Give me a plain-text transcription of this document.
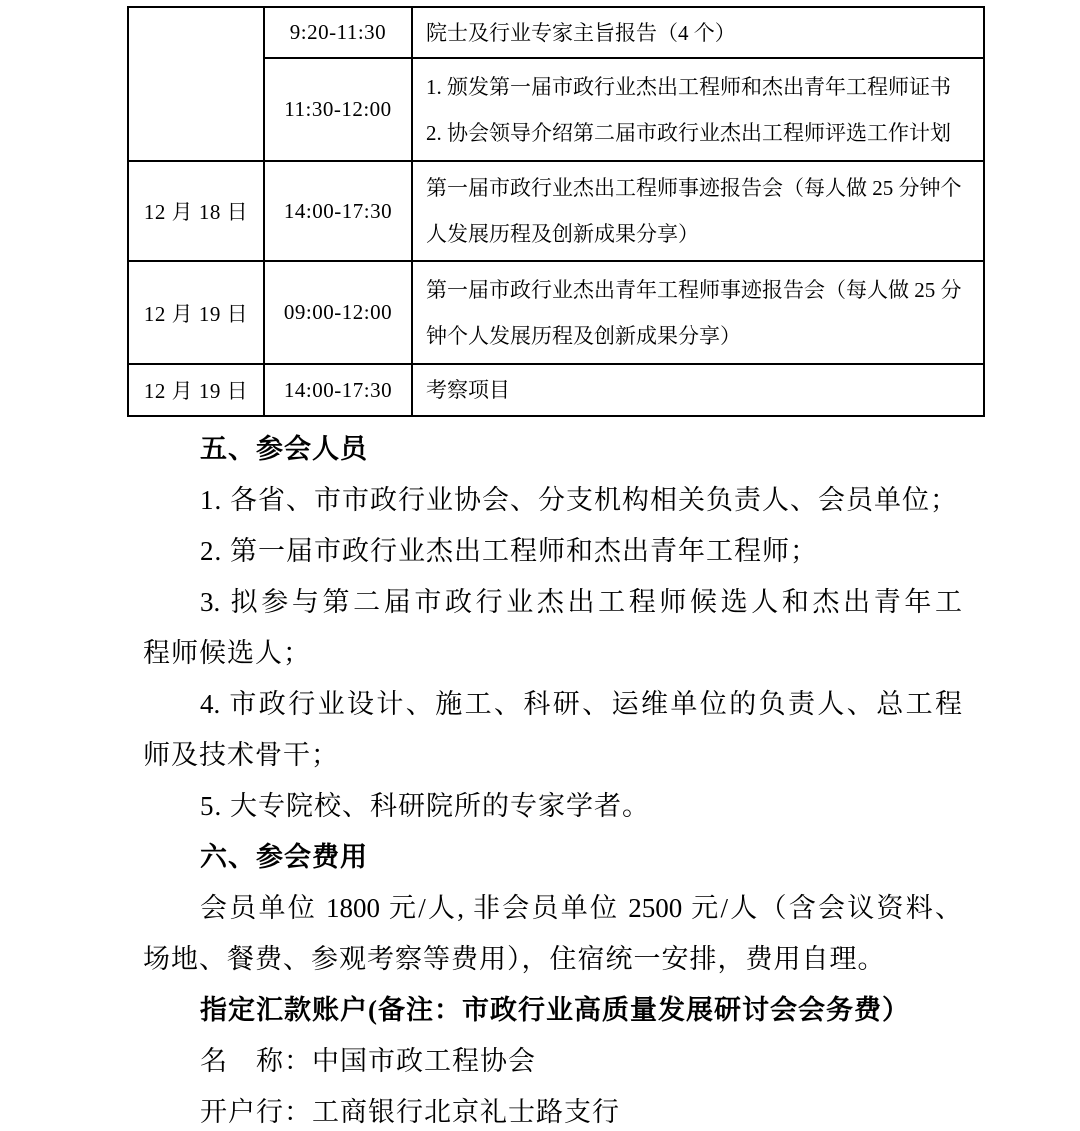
	9:20-11:30	院士及行业专家主旨报告（4 个）

	11:30-12:00	1. 颁发第一届市政行业杰出工程师和杰出青年工程师证书
2. 协会领导介绍第二届市政行业杰出工程师评选工作计划

12 月 18 日	14:00-17:30	第一届市政行业杰出工程师事迹报告会（每人做 25 分钟个
人发展历程及创新成果分享）

12 月 19 日	09:00-12:00	第一届市政行业杰出青年工程师事迹报告会（每人做 25 分
钟个人发展历程及创新成果分享）

12 月 19 日	14:00-17:30	考察项目
五、参会人员
1. 各省、市市政行业协会、分支机构相关负责人、会员单位；
2. 第一届市政行业杰出工程师和杰出青年工程师；
3. 拟参与第二届市政行业杰出工程师候选人和杰出青年工
程师候选人；
4. 市政行业设计、施工、科研、运维单位的负责人、总工程
师及技术骨干；
5. 大专院校、科研院所的专家学者。
六、参会费用
会员单位 1800 元/人, 非会员单位 2500 元/人（含会议资料、
场地、餐费、参观考察等费用），住宿统一安排，费用自理。
指定汇款账户(备注：市政行业高质量发展研讨会会务费）
名　称：中国市政工程协会
开户行：工商银行北京礼士路支行
